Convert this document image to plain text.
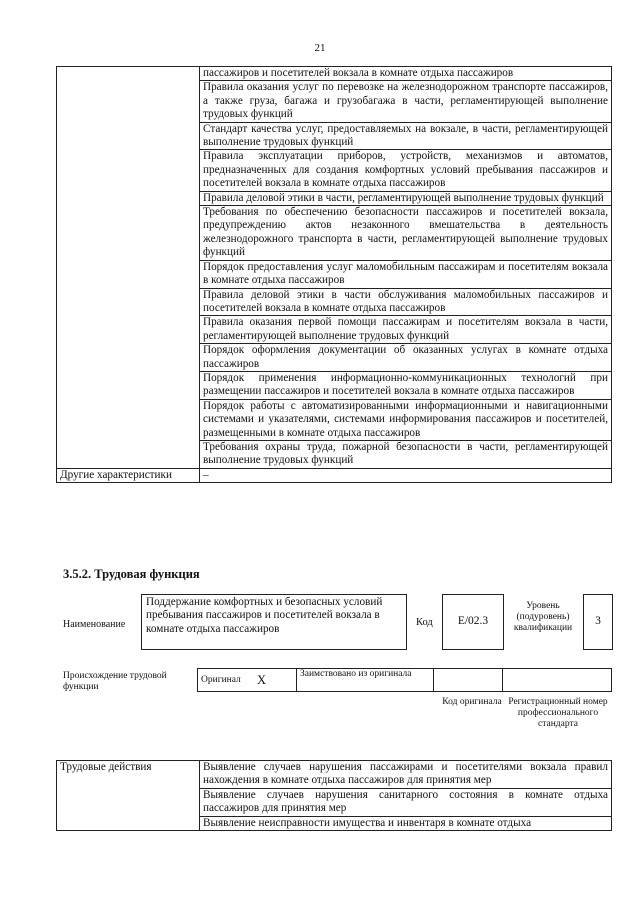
21
	пассажиров и посетителей вокзала в комнате отдыха пассажиров
	Правила оказания услуг по перевозке на железнодорожном транспорте пассажиров, а также груза, багажа и грузобагажа в части, регламентирующей выполнение трудовых функций
	Стандарт качества услуг, предоставляемых на вокзале, в части, регламентирующей выполнение трудовых функций
	Правила эксплуатации приборов, устройств, механизмов и автоматов, предназначенных для создания комфортных условий пребывания пассажиров и посетителей вокзала в комнате отдыха пассажиров
	Правила деловой этики в части, регламентирующей выполнение трудовых функций
	Требования по обеспечению безопасности пассажиров и посетителей вокзала, предупреждению актов незаконного вмешательства в деятельность железнодорожного транспорта в части, регламентирующей выполнение трудовых функций
	Порядок предоставления услуг маломобильным пассажирам и посетителям вокзала в комнате отдыха пассажиров
	Правила деловой этики в части обслуживания маломобильных пассажиров и посетителей вокзала в комнате отдыха пассажиров
	Правила оказания первой помощи пассажирам и посетителям вокзала в части, регламентирующей выполнение трудовых функций
	Порядок оформления документации об оказанных услугах в комнате отдыха пассажиров
	Порядок применения информационно-коммуникационных технологий при размещении пассажиров и посетителей вокзала в комнате отдыха пассажиров
	Порядок работы с автоматизированными информационными и навигационными системами и указателями, системами информирования пассажиров и посетителей, размещенными в комнате отдыха пассажиров
	Требования охраны труда, пожарной безопасности в части, регламентирующей выполнение трудовых функций
Другие характеристики	–
3.5.2. Трудовая функция
Наименование
Поддержание комфортных и безопасных условий пребывания пассажиров и посетителей вокзала в комнате отдыха пассажиров
Код	E/02.3
Уровень (подуровень) квалификации
3
Происхождение трудовой функции
Оригинал	X	Заимствовано из оригинала		
Код оригинала Регистрационный номер профессионального стандарта
Трудовые действия	Выявление случаев нарушения пассажирами и посетителями вокзала правил нахождения в комнате отдыха пассажиров для принятия мер
Выявление случаев нарушения санитарного состояния в комнате отдыха пассажиров для принятия мер
Выявление неисправности имущества и инвентаря в комнате отдыха
